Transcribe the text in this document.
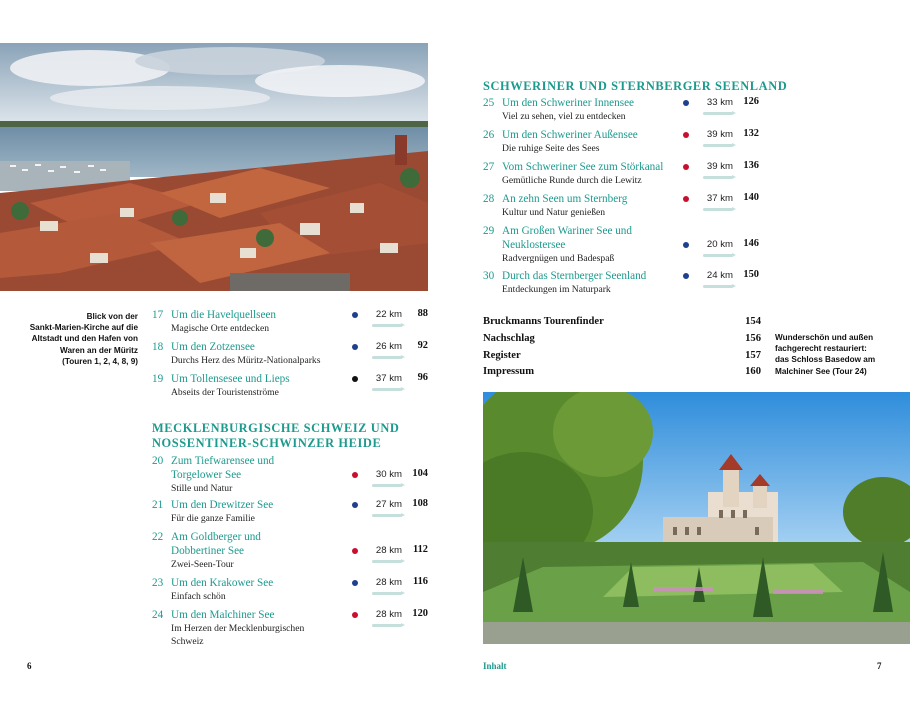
Blick von der
Sankt-Marien-Kirche auf die
Altstadt und den Hafen von
Waren an der Müritz
(Touren 1, 2, 4, 8, 9)
Wunderschön und außen
fachgerecht restauriert:
das Schloss Basedow am
Malchiner See (Tour 24)
17 Um die Havelquellseen
Magische Orte entdecken
22 km	88
18 Um den Zotzensee
Durchs Herz des Müritz-Nationalparks
26 km	92
19 Um Tollensesee und Lieps
Abseits der Touristenströme
37 km	96
MECKLENBURGISCHE SCHWEIZ UND
NOSSENTINER-SCHWINZER HEIDE
20 Zum Tiefwarensee und
Torgelower See
Stille und Natur
30 km	104
21 Um den Drewitzer See
Für die ganze Familie
27 km	108
22 Am Goldberger und
Dobbertiner See
Zwei-Seen-Tour
28 km	112
23 Um den Krakower See
Einfach schön
28 km	116
24 Um den Malchiner See
Im Herzen der Mecklenburgischen
Schweiz
28 km	120
SCHWERINER UND STERNBERGER SEENLAND
25 Um den Schweriner Innensee
Viel zu sehen, viel zu entdecken
33 km	126
26 Um den Schweriner Außensee
Die ruhige Seite des Sees
39 km	132
27 Vom Schweriner See zum Störkanal
Gemütliche Runde durch die Lewitz
39 km	136
28 An zehn Seen um Sternberg
Kultur und Natur genießen
37 km	140
29 Am Großen Wariner See und
Neuklostersee
Radvergnügen und Badespaß
20 km	146
30 Durch das Sternberger Seenland
Entdeckungen im Naturpark
24 km	150
Bruckmanns Tourenfinder	154
Nachschlag	156
Register	157
Impressum	160
6	Inhalt	7
